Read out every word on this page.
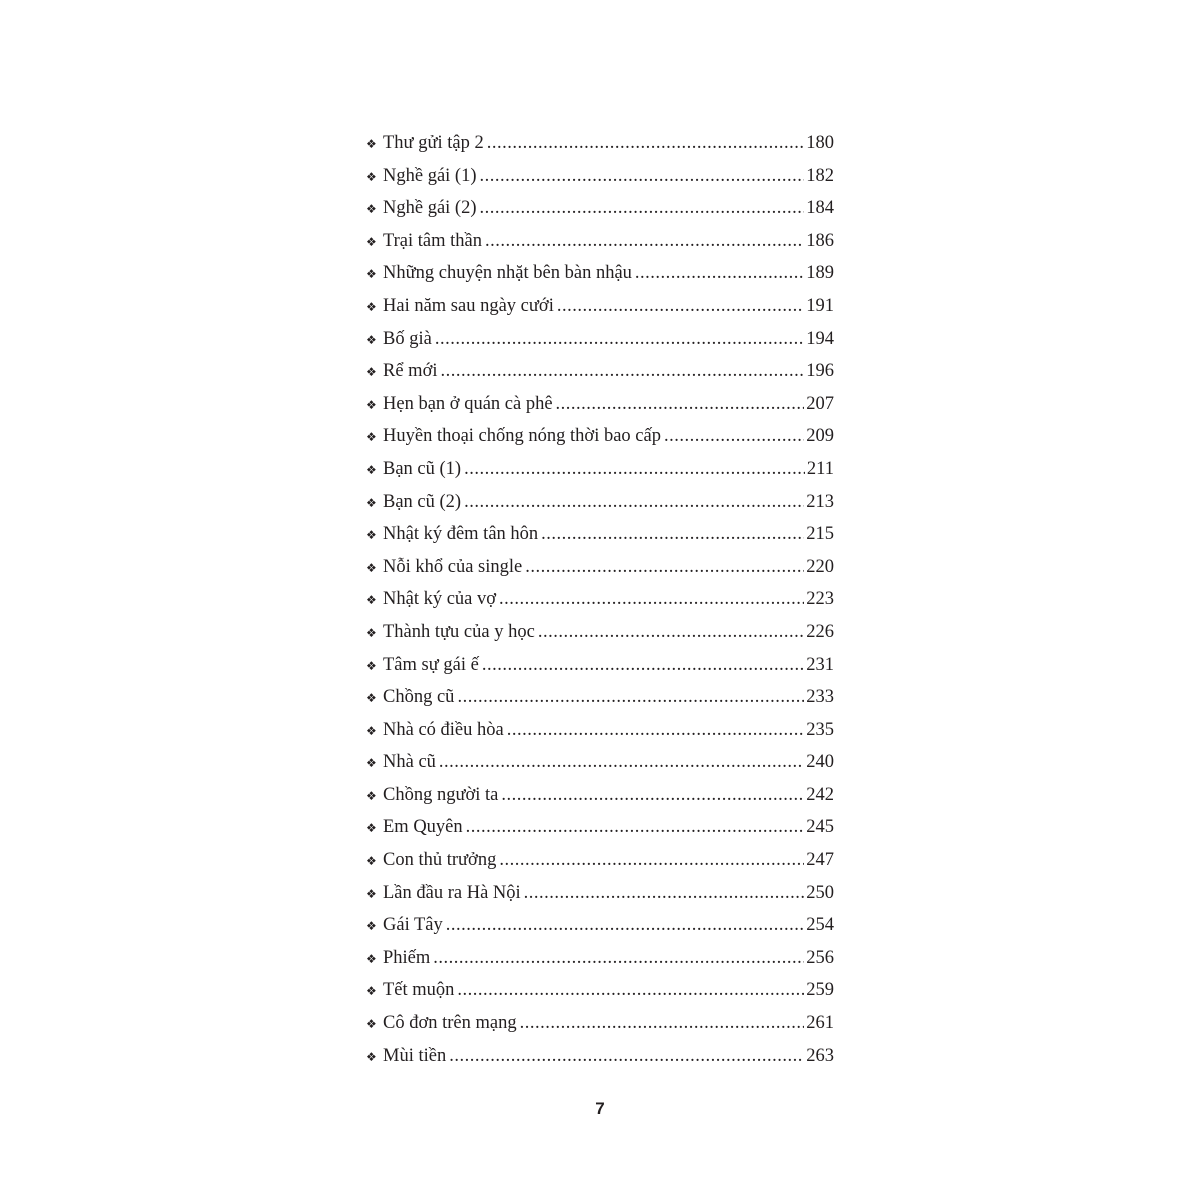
❖ Thư gửi tập 2 .....	180
❖ Nghề gái (1) .....	182
❖ Nghề gái (2) .....	184
❖ Trại tâm thần .....	186
❖ Những chuyện nhặt bên bàn nhậu .....	189
❖ Hai năm sau ngày cưới .....	191
❖ Bố già .....	194
❖ Rể mới .....	196
❖ Hẹn bạn ở quán cà phê .....	207
❖ Huyền thoại chống nóng thời bao cấp .....	209
❖ Bạn cũ (1) .....	211
❖ Bạn cũ (2) .....	213
❖ Nhật ký đêm tân hôn .....	215
❖ Nỗi khổ của single .....	220
❖ Nhật ký của vợ .....	223
❖ Thành tựu của y học .....	226
❖ Tâm sự gái ế .....	231
❖ Chồng cũ .....	233
❖ Nhà có điều hòa .....	235
❖ Nhà cũ .....	240
❖ Chồng người ta .....	242
❖ Em Quyên .....	245
❖ Con thủ trưởng .....	247
❖ Lần đầu ra Hà Nội .....	250
❖ Gái Tây .....	254
❖ Phiếm .....	256
❖ Tết muộn .....	259
❖ Cô đơn trên mạng .....	261
❖ Mùi tiền .....	263
7
